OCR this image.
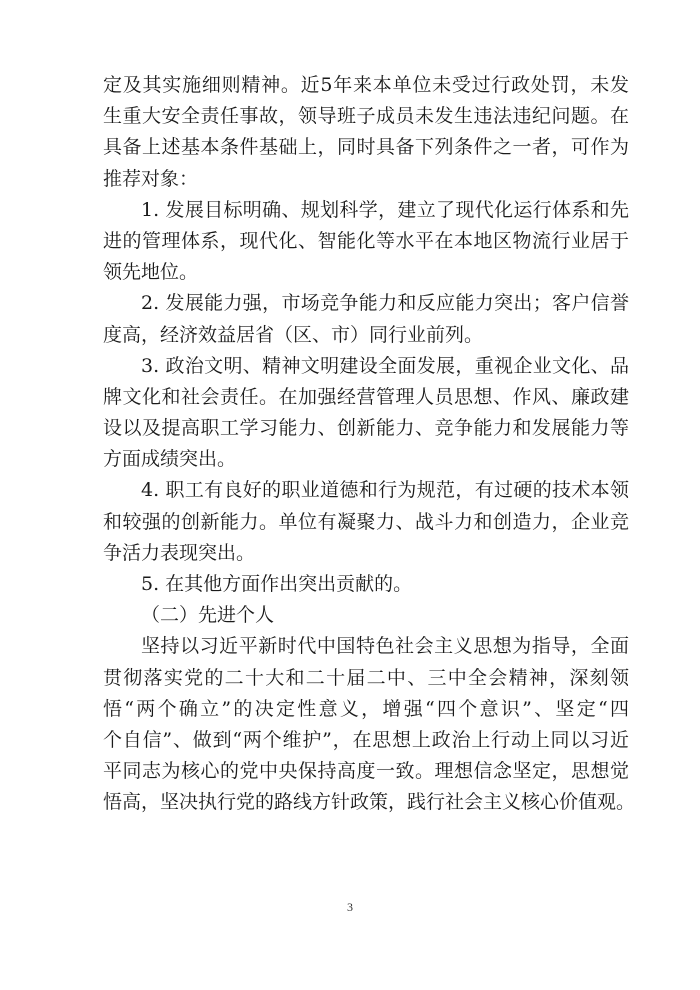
定及其实施细则精神。近5年来本单位未受过行政处罚，未发
生重大安全责任事故，领导班子成员未发生违法违纪问题。在
具备上述基本条件基础上，同时具备下列条件之一者，可作为
推荐对象：
1. 发展目标明确、规划科学，建立了现代化运行体系和先
进的管理体系，现代化、智能化等水平在本地区物流行业居于
领先地位。
2. 发展能力强，市场竞争能力和反应能力突出；客户信誉
度高，经济效益居省（区、市）同行业前列。
3. 政治文明、精神文明建设全面发展，重视企业文化、品
牌文化和社会责任。在加强经营管理人员思想、作风、廉政建
设以及提高职工学习能力、创新能力、竞争能力和发展能力等
方面成绩突出。
4. 职工有良好的职业道德和行为规范，有过硬的技术本领
和较强的创新能力。单位有凝聚力、战斗力和创造力，企业竞
争活力表现突出。
5. 在其他方面作出突出贡献的。
（二）先进个人
坚持以习近平新时代中国特色社会主义思想为指导，全面
贯彻落实党的二十大和二十届二中、三中全会精神，深刻领
悟“两个确立”的决定性意义，增强“四个意识”、坚定“四
个自信”、做到“两个维护”，在思想上政治上行动上同以习近
平同志为核心的党中央保持高度一致。理想信念坚定，思想觉
悟高，坚决执行党的路线方针政策，践行社会主义核心价值观。
3
